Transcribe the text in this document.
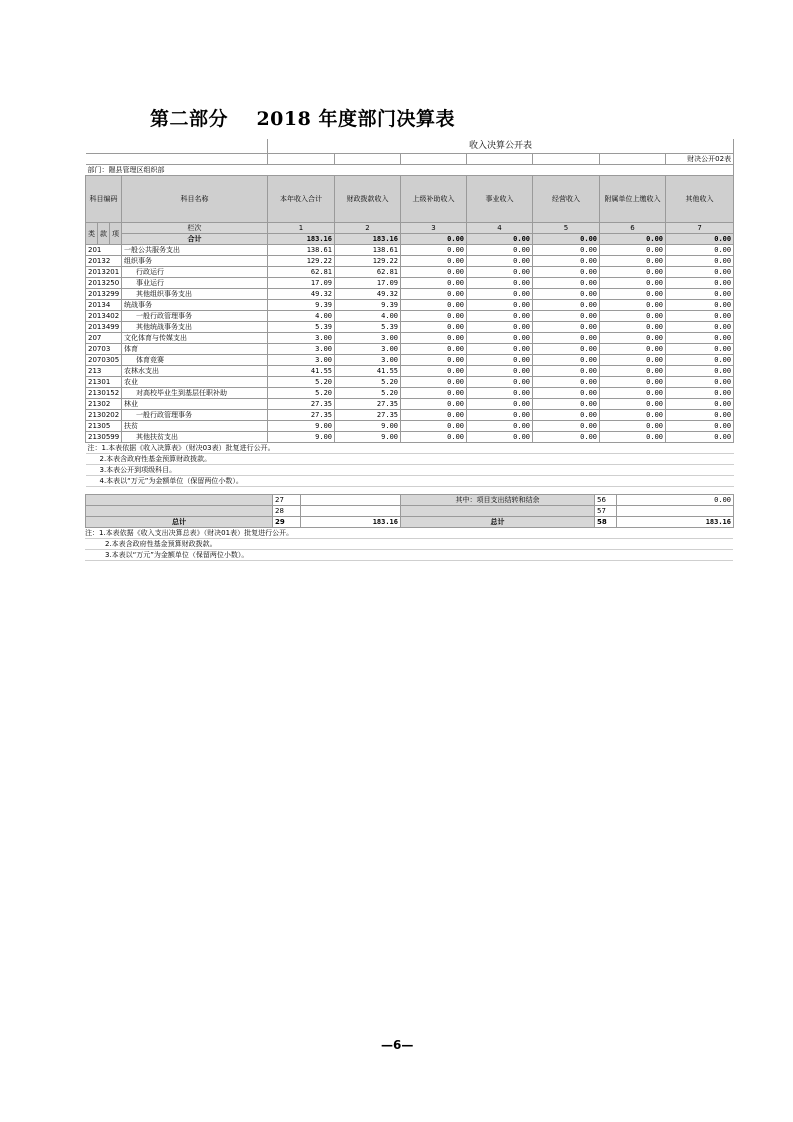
第二部分    2018 年度部门决算表
				收入决算公开表						
										财决公开02表
部门：隰县管理区组织部										
科目编码			科目名称	本年收入合计	财政拨款收入	上级补助收入	事业收入	经营收入	附属单位上缴收入	其他收入
类	款	项								
			栏次	1	2	3	4	5	6	7
			合计	183.16	183.16	0.00	0.00	0.00	0.00	0.00
201			一般公共服务支出	138.61	138.61	0.00	0.00	0.00	0.00	0.00
20132			组织事务	129.22	129.22	0.00	0.00	0.00	0.00	0.00
2013201			行政运行	62.81	62.81	0.00	0.00	0.00	0.00	0.00
2013250			事业运行	17.09	17.09	0.00	0.00	0.00	0.00	0.00
2013299			其他组织事务支出	49.32	49.32	0.00	0.00	0.00	0.00	0.00
20134			统战事务	9.39	9.39	0.00	0.00	0.00	0.00	0.00
2013402			一般行政管理事务	4.00	4.00	0.00	0.00	0.00	0.00	0.00
2013499			其他统战事务支出	5.39	5.39	0.00	0.00	0.00	0.00	0.00
207			文化体育与传媒支出	3.00	3.00	0.00	0.00	0.00	0.00	0.00
20703			体育	3.00	3.00	0.00	0.00	0.00	0.00	0.00
2070305			体育竞赛	3.00	3.00	0.00	0.00	0.00	0.00	0.00
213			农林水支出	41.55	41.55	0.00	0.00	0.00	0.00	0.00
21301			农业	5.20	5.20	0.00	0.00	0.00	0.00	0.00
2130152			对高校毕业生到基层任职补助	5.20	5.20	0.00	0.00	0.00	0.00	0.00
21302			林业	27.35	27.35	0.00	0.00	0.00	0.00	0.00
2130202			一般行政管理事务	27.35	27.35	0.00	0.00	0.00	0.00	0.00
21305			扶贫	9.00	9.00	0.00	0.00	0.00	0.00	0.00
2130599			其他扶贫支出	9.00	9.00	0.00	0.00	0.00	0.00	0.00
注：1.本表依据《收入决算表》（财决03表）批复进行公开。										
2.本表含政府性基金预算财政拨款。										
3.本表公开到项级科目。										
4.本表以“万元”为金额单位（保留两位小数）。										
	27		其中：项目支出结转和结余	56	0.00
	28			57	
总计	29	183.16	总计	58	183.16
注：1.本表依据《收入支出决算总表》（财决01表）批复进行公开。
2.本表含政府性基金预算财政拨款。
3.本表以“万元”为金额单位（保留两位小数）。
—6—
